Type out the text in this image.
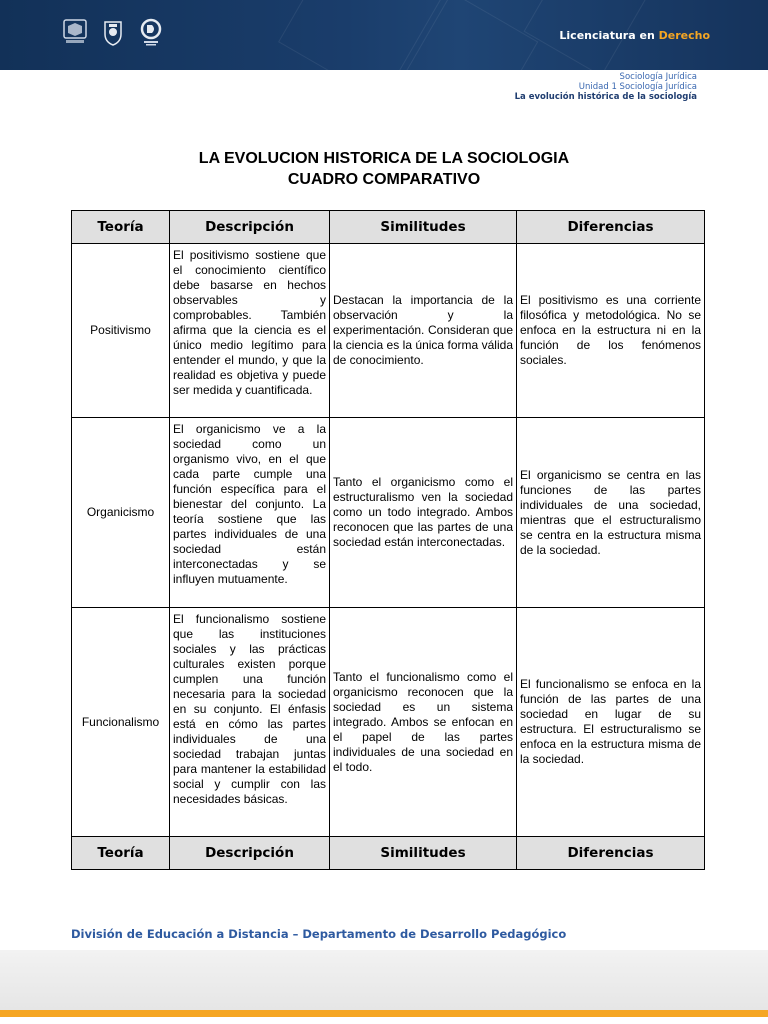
Licenciatura en Derecho
Sociología Jurídica
Unidad 1 Sociología Jurídica
La evolución histórica de la sociología
LA EVOLUCION HISTORICA DE LA SOCIOLOGIA
CUADRO COMPARATIVO
Teoría	Descripción	Similitudes	Diferencias
Positivismo	El positivismo sostiene que el conocimiento científico debe basarse en hechos observables y comprobables. También afirma que la ciencia es el único medio legítimo para entender el mundo, y que la realidad es objetiva y puede ser medida y cuantificada.	Destacan la importancia de la observación y la experimentación. Consideran que la ciencia es la única forma válida de conocimiento.	El positivismo es una corriente filosófica y metodológica. No se enfoca en la estructura ni en la función de los fenómenos sociales.
Organicismo	El organicismo ve a la sociedad como un organismo vivo, en el que cada parte cumple una función específica para el bienestar del conjunto. La teoría sostiene que las partes individuales de una sociedad están interconectadas y se influyen mutuamente.	Tanto el organicismo como el estructuralismo ven la sociedad como un todo integrado. Ambos reconocen que las partes de una sociedad están interconectadas.	El organicismo se centra en las funciones de las partes individuales de una sociedad, mientras que el estructuralismo se centra en la estructura misma de la sociedad.
Funcionalismo	El funcionalismo sostiene que las instituciones sociales y las prácticas culturales existen porque cumplen una función necesaria para la sociedad en su conjunto. El énfasis está en cómo las partes individuales de una sociedad trabajan juntas para mantener la estabilidad social y cumplir con las necesidades básicas.	Tanto el funcionalismo como el organicismo reconocen que la sociedad es un sistema integrado. Ambos se enfocan en el papel de las partes individuales de una sociedad en el todo.	El funcionalismo se enfoca en la función de las partes de una sociedad en lugar de su estructura. El estructuralismo se enfoca en la estructura misma de la sociedad.
Teoría	Descripción	Similitudes	Diferencias
División de Educación a Distancia – Departamento de Desarrollo Pedagógico
